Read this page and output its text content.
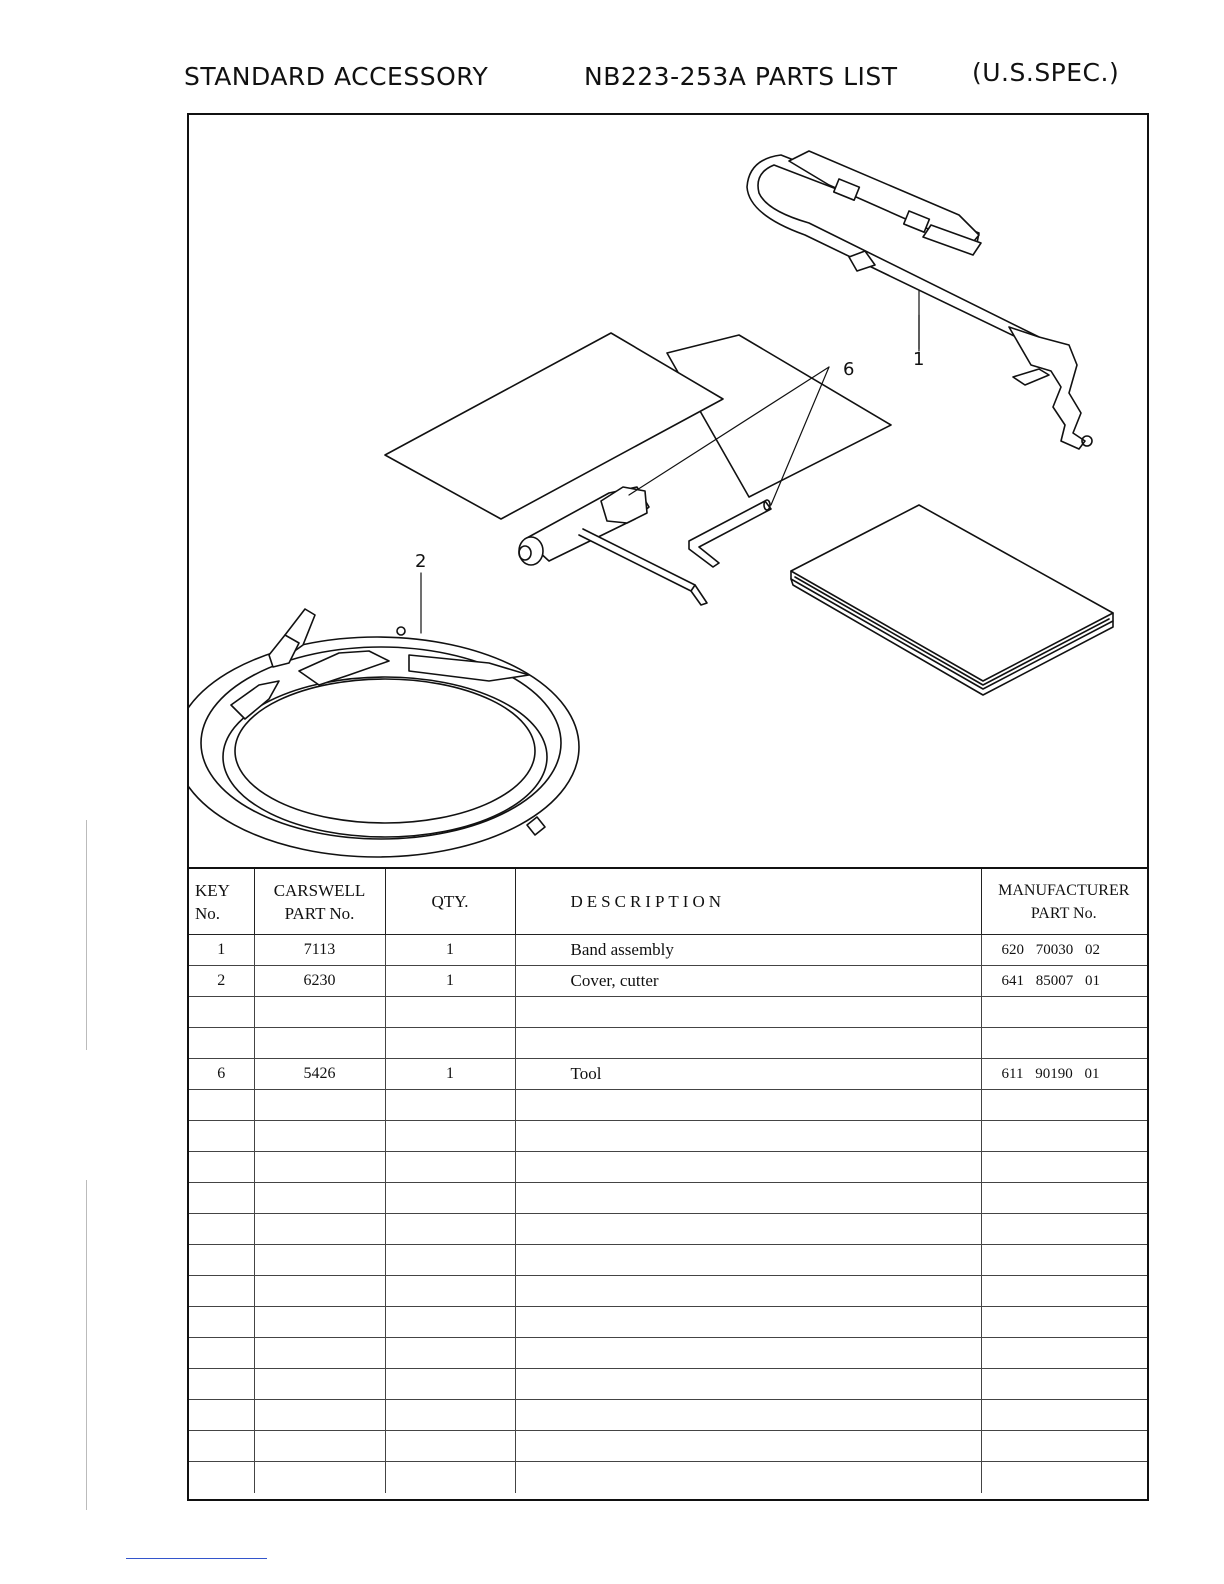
STANDARD ACCESSORY	NB223-253A PARTS LIST	(U.S.SPEC.)
1
6
2
KEY No.	CARSWELL PART No.	QTY.	DESCRIPTION	MANUFACTURER PART No.
1	7113	1	Band assembly	620 70030 02
2	6230	1	Cover, cutter	641 85007 01

6	5426	1	Tool	611 90190 01
